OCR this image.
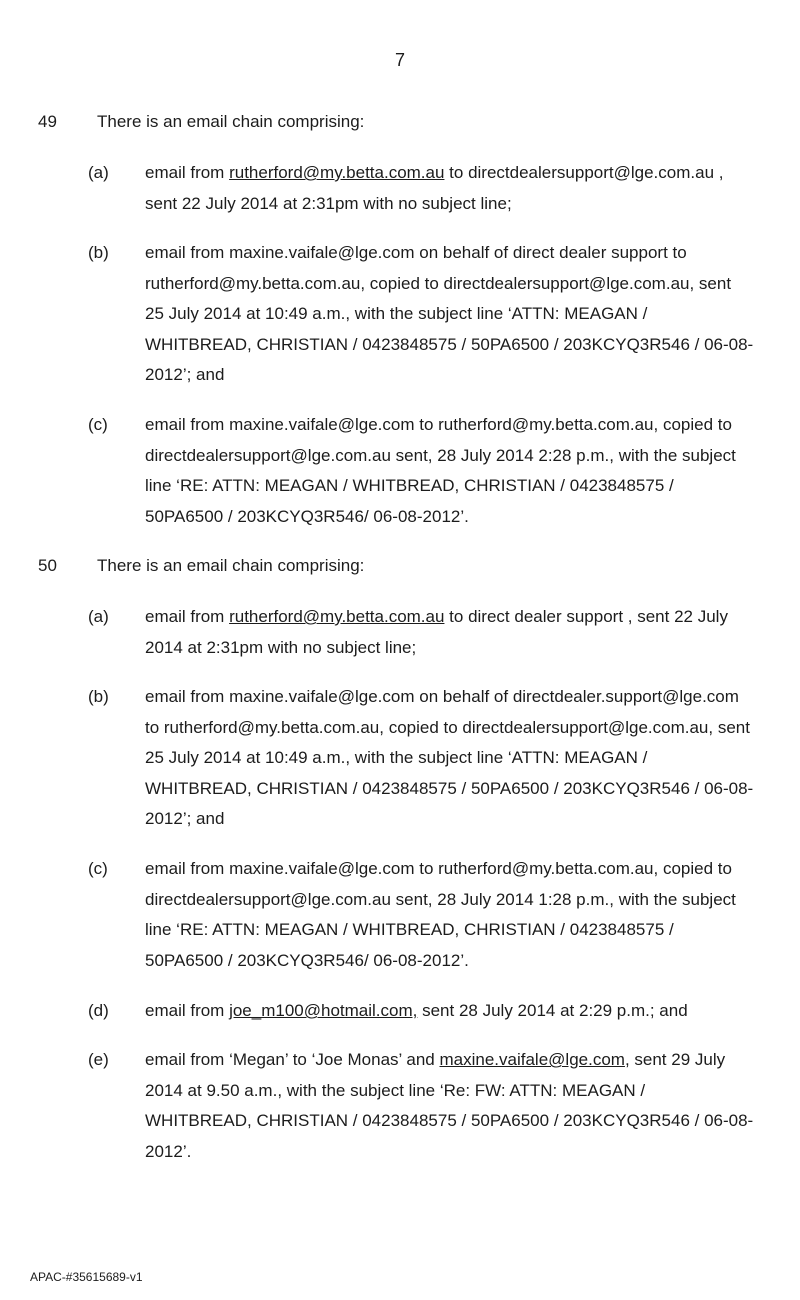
7
49 There is an email chain comprising:
(a) email from rutherford@my.betta.com.au to directdealersupport@lge.com.au ,
sent 22 July 2014 at 2:31pm with no subject line;
(b) email from maxine.vaifale@lge.com on behalf of direct dealer support to
rutherford@my.betta.com.au, copied to directdealersupport@lge.com.au, sent
25 July 2014 at 10:49 a.m., with the subject line ‘ATTN: MEAGAN /
WHITBREAD, CHRISTIAN / 0423848575 / 50PA6500 / 203KCYQ3R546 / 06-08-
2012’; and
(c) email from maxine.vaifale@lge.com to rutherford@my.betta.com.au, copied to
directdealersupport@lge.com.au sent, 28 July 2014 2:28 p.m., with the subject
line ‘RE: ATTN: MEAGAN / WHITBREAD, CHRISTIAN / 0423848575 /
50PA6500 / 203KCYQ3R546/ 06-08-2012’.
50 There is an email chain comprising:
(a) email from rutherford@my.betta.com.au to direct dealer support , sent 22 July
2014 at 2:31pm with no subject line;
(b) email from maxine.vaifale@lge.com on behalf of directdealer.support@lge.com
to rutherford@my.betta.com.au, copied to directdealersupport@lge.com.au, sent
25 July 2014 at 10:49 a.m., with the subject line ‘ATTN: MEAGAN /
WHITBREAD, CHRISTIAN / 0423848575 / 50PA6500 / 203KCYQ3R546 / 06-08-
2012’; and
(c) email from maxine.vaifale@lge.com to rutherford@my.betta.com.au, copied to
directdealersupport@lge.com.au sent, 28 July 2014 1:28 p.m., with the subject
line ‘RE: ATTN: MEAGAN / WHITBREAD, CHRISTIAN / 0423848575 /
50PA6500 / 203KCYQ3R546/ 06-08-2012’.
(d) email from joe_m100@hotmail.com, sent 28 July 2014 at 2:29 p.m.; and
(e) email from ‘Megan’ to ‘Joe Monas’ and maxine.vaifale@lge.com, sent 29 July
2014 at 9.50 a.m., with the subject line ‘Re: FW: ATTN: MEAGAN /
WHITBREAD, CHRISTIAN / 0423848575 / 50PA6500 / 203KCYQ3R546 / 06-08-
2012’.
APAC-#35615689-v1
